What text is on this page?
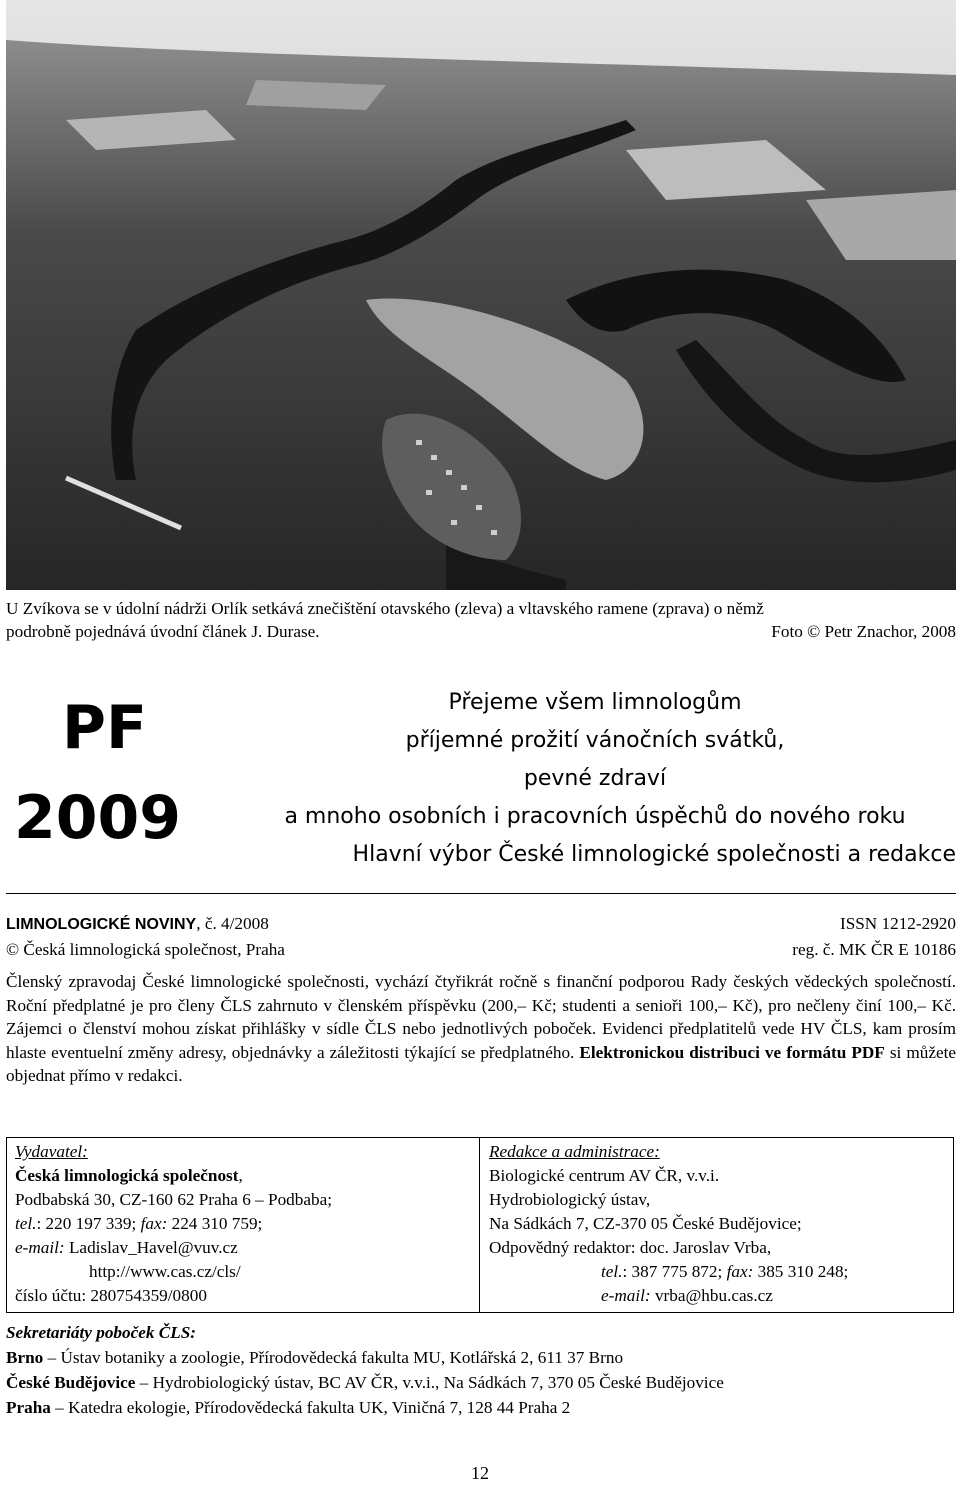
U Zvíkova se v údolní nádrži Orlík setkává znečištění otavského (zleva) a vltavského ramene (zprava) o němž
podrobně pojednává úvodní článek J. Durase.	Foto © Petr Znachor, 2008
PF
2009
Přejeme všem limnologům
příjemné prožití vánočních svátků,
pevné zdraví
a mnoho osobních i pracovních úspěchů do nového roku
Hlavní výbor České limnologické společnosti a redakce
LIMNOLOGICKÉ NOVINY, č. 4/2008	ISSN 1212-2920
© Česká limnologická společnost, Praha	reg. č. MK ČR E 10186
Členský zpravodaj České limnologické společnosti, vychází čtyřikrát ročně s finanční podporou Rady českých vědeckých společností. Roční předplatné je pro členy ČLS zahrnuto v členském příspěvku (200,– Kč; studenti a senioři 100,– Kč), pro nečleny činí 100,– Kč. Zájemci o členství mohou získat přihlášky v sídle ČLS nebo jednotlivých poboček. Evidenci předplatitelů vede HV ČLS, kam prosím hlaste eventuelní změny adresy, objednávky a záležitosti týkající se předplatného. Elektronickou distribuci ve formátu PDF si můžete objednat přímo v redakci.
Vydavatel:
Česká limnologická společnost,
Podbabská 30, CZ-160 62 Praha 6 – Podbaba;
tel.: 220 197 339; fax: 224 310 759;
e-mail: Ladislav_Havel@vuv.cz
http://www.cas.cz/cls/
číslo účtu: 280754359/0800
Redakce a administrace:
Biologické centrum AV ČR, v.v.i.
Hydrobiologický ústav,
Na Sádkách 7, CZ-370 05 České Budějovice;
Odpovědný redaktor: doc. Jaroslav Vrba,
tel.: 387 775 872; fax: 385 310 248;
e-mail: vrba@hbu.cas.cz
Sekretariáty poboček ČLS:
Brno – Ústav botaniky a zoologie, Přírodovědecká fakulta MU, Kotlářská 2, 611 37 Brno
České Budějovice – Hydrobiologický ústav, BC AV ČR, v.v.i., Na Sádkách 7, 370 05 České Budějovice
Praha – Katedra ekologie, Přírodovědecká fakulta UK, Viničná 7, 128 44 Praha 2
12
